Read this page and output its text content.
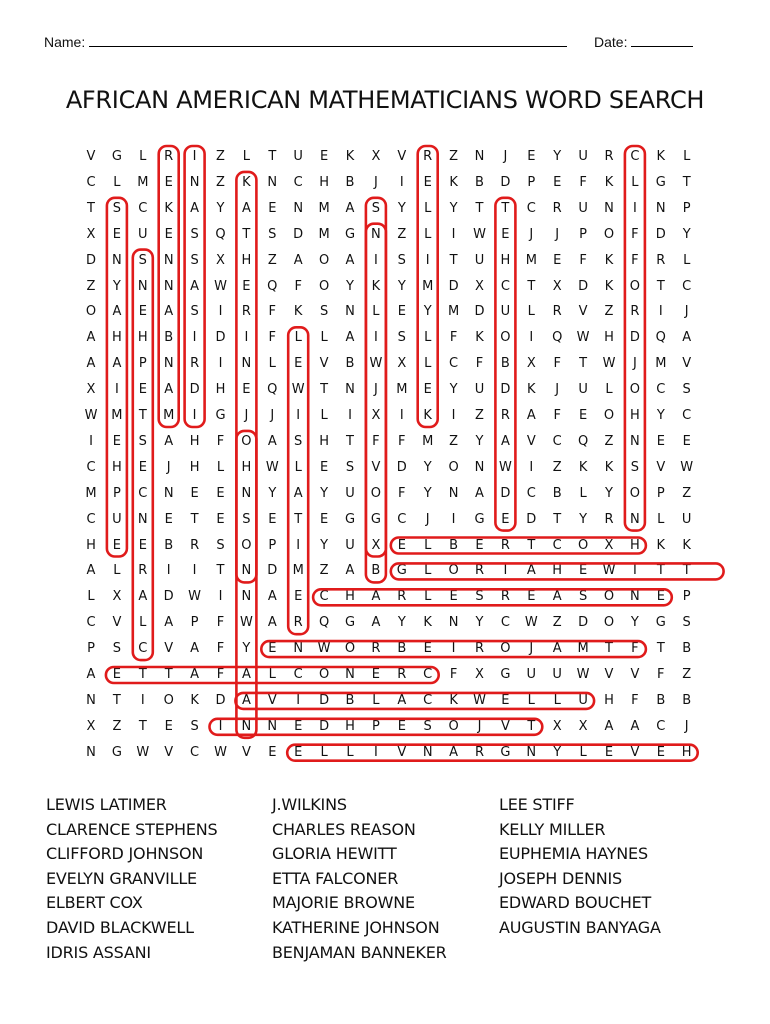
Name:	Date:
AFRICAN AMERICAN MATHEMATICIANS WORD SEARCH
V	G	L	R	I	Z	L	T	U	E	K	X	V	R	Z	N	J	E	Y	U	R	C	K	L
C	L	M	E	N	Z	K	N	C	H	B	J	I	E	K	B	D	P	E	F	K	L	G	T
T	S	C	K	A	Y	A	E	N	M	A	S	Y	L	Y	T	T	C	R	U	N	I	N	P
X	E	U	E	S	Q	T	S	D	M	G	N	Z	L	I	W	E	J	J	P	O	F	D	Y
D	N	S	N	S	X	H	Z	A	O	A	I	S	I	T	U	H	M	E	F	K	F	R	L
Z	Y	N	N	A	W	E	Q	F	O	Y	K	Y	M	D	X	C	T	X	D	K	O	T	C
O	A	E	A	S	I	R	F	K	S	N	L	E	Y	M	D	U	L	R	V	Z	R	I	J
A	H	H	B	I	D	I	F	L	L	A	I	S	L	F	K	O	I	Q	W	H	D	Q	A
A	A	P	N	R	I	N	L	E	V	B	W	X	L	C	F	B	X	F	T	W	J	M	V
X	I	E	A	D	H	E	Q	W	T	N	J	M	E	Y	U	D	K	J	U	L	O	C	S
W	M	T	M	I	G	J	J	I	L	I	X	I	K	I	Z	R	A	F	E	O	H	Y	C
I	E	S	A	H	F	O	A	S	H	T	F	F	M	Z	Y	A	V	C	Q	Z	N	E	E
C	H	E	J	H	L	H	W	L	E	S	V	D	Y	O	N	W	I	Z	K	K	S	V	W
M	P	C	N	E	E	N	Y	A	Y	U	O	F	Y	N	A	D	C	B	L	Y	O	P	Z
C	U	N	E	T	E	S	E	T	E	G	G	C	J	I	G	E	D	T	Y	R	N	L	U
H	E	E	B	R	S	O	P	I	Y	U	X	E	L	B	E	R	T	C	O	X	H	K	K
A	L	R	I	I	T	N	D	M	Z	A	B	G	L	O	R	I	A	H	E	W	I	T	T
L	X	A	D	W	I	N	A	E	C	H	A	R	L	E	S	R	E	A	S	O	N	E	P
C	V	L	A	P	F	W	A	R	Q	G	A	Y	K	N	Y	C	W	Z	D	O	Y	G	S
P	S	C	V	A	F	Y	E	N	W	O	R	B	E	I	R	O	J	A	M	T	F	T	B
A	E	T	T	A	F	A	L	C	O	N	E	R	C	F	X	G	U	U	W	V	V	F	Z
N	T	I	O	K	D	A	V	I	D	B	L	A	C	K	W	E	L	L	U	H	F	B	B
X	Z	T	E	S	I	N	N	E	D	H	P	E	S	O	J	V	T	X	X	A	A	C	J
N	G	W	V	C	W	V	E	E	L	L	I	V	N	A	R	G	N	Y	L	E	V	E	H
LEWIS LATIMER
CLARENCE STEPHENS
CLIFFORD JOHNSON
EVELYN GRANVILLE
ELBERT COX
DAVID BLACKWELL
IDRIS ASSANI
J.WILKINS
CHARLES REASON
GLORIA HEWITT
ETTA FALCONER
MAJORIE BROWNE
KATHERINE JOHNSON
BENJAMAN BANNEKER
LEE STIFF
KELLY MILLER
EUPHEMIA HAYNES
JOSEPH DENNIS
EDWARD BOUCHET
AUGUSTIN BANYAGA
